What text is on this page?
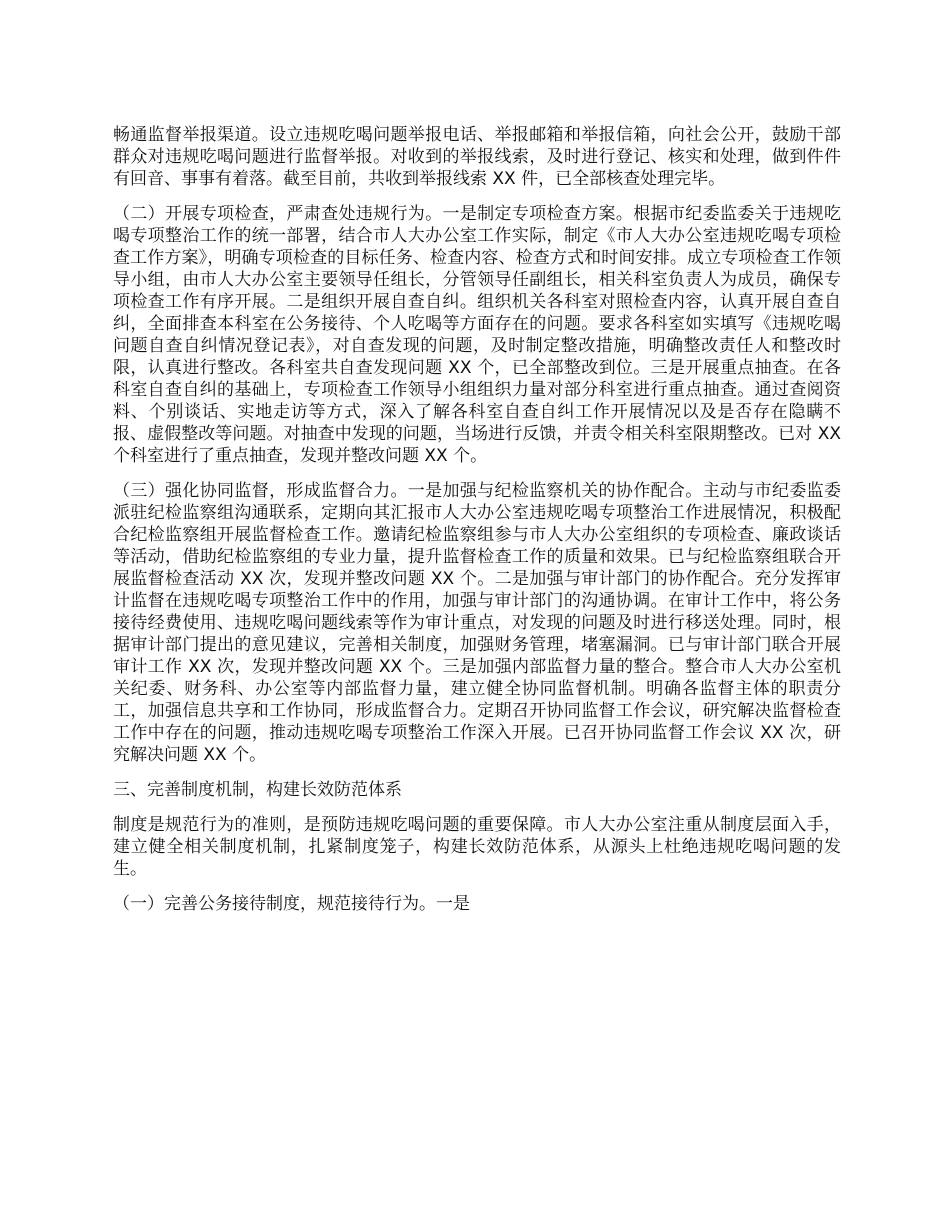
畅通监督举报渠道。设立违规吃喝问题举报电话、举报邮箱和举报信箱，向社会公开，鼓励干部群众对违规吃喝问题进行监督举报。对收到的举报线索，及时进行登记、核实和处理，做到件件有回音、事事有着落。截至目前，共收到举报线索 XX 件，已全部核查处理完毕。

（二）开展专项检查，严肃查处违规行为。一是制定专项检查方案。根据市纪委监委关于违规吃喝专项整治工作的统一部署，结合市人大办公室工作实际，制定《市人大办公室违规吃喝专项检查工作方案》，明确专项检查的目标任务、检查内容、检查方式和时间安排。成立专项检查工作领导小组，由市人大办公室主要领导任组长，分管领导任副组长，相关科室负责人为成员，确保专项检查工作有序开展。二是组织开展自查自纠。组织机关各科室对照检查内容，认真开展自查自纠，全面排查本科室在公务接待、个人吃喝等方面存在的问题。要求各科室如实填写《违规吃喝问题自查自纠情况登记表》，对自查发现的问题，及时制定整改措施，明确整改责任人和整改时限，认真进行整改。各科室共自查发现问题 XX 个，已全部整改到位。三是开展重点抽查。在各科室自查自纠的基础上，专项检查工作领导小组组织力量对部分科室进行重点抽查。通过查阅资料、个别谈话、实地走访等方式，深入了解各科室自查自纠工作开展情况以及是否存在隐瞒不报、虚假整改等问题。对抽查中发现的问题，当场进行反馈，并责令相关科室限期整改。已对 XX 个科室进行了重点抽查，发现并整改问题 XX 个。

（三）强化协同监督，形成监督合力。一是加强与纪检监察机关的协作配合。主动与市纪委监委派驻纪检监察组沟通联系，定期向其汇报市人大办公室违规吃喝专项整治工作进展情况，积极配合纪检监察组开展监督检查工作。邀请纪检监察组参与市人大办公室组织的专项检查、廉政谈话等活动，借助纪检监察组的专业力量，提升监督检查工作的质量和效果。已与纪检监察组联合开展监督检查活动 XX 次，发现并整改问题 XX 个。二是加强与审计部门的协作配合。充分发挥审计监督在违规吃喝专项整治工作中的作用，加强与审计部门的沟通协调。在审计工作中，将公务接待经费使用、违规吃喝问题线索等作为审计重点，对发现的问题及时进行移送处理。同时，根据审计部门提出的意见建议，完善相关制度，加强财务管理，堵塞漏洞。已与审计部门联合开展审计工作 XX 次，发现并整改问题 XX 个。三是加强内部监督力量的整合。整合市人大办公室机关纪委、财务科、办公室等内部监督力量，建立健全协同监督机制。明确各监督主体的职责分工，加强信息共享和工作协同，形成监督合力。定期召开协同监督工作会议，研究解决监督检查工作中存在的问题，推动违规吃喝专项整治工作深入开展。已召开协同监督工作会议 XX 次，研究解决问题 XX 个。

三、完善制度机制，构建长效防范体系

制度是规范行为的准则，是预防违规吃喝问题的重要保障。市人大办公室注重从制度层面入手，建立健全相关制度机制，扎紧制度笼子，构建长效防范体系，从源头上杜绝违规吃喝问题的发生。

（一）完善公务接待制度，规范接待行为。一是
